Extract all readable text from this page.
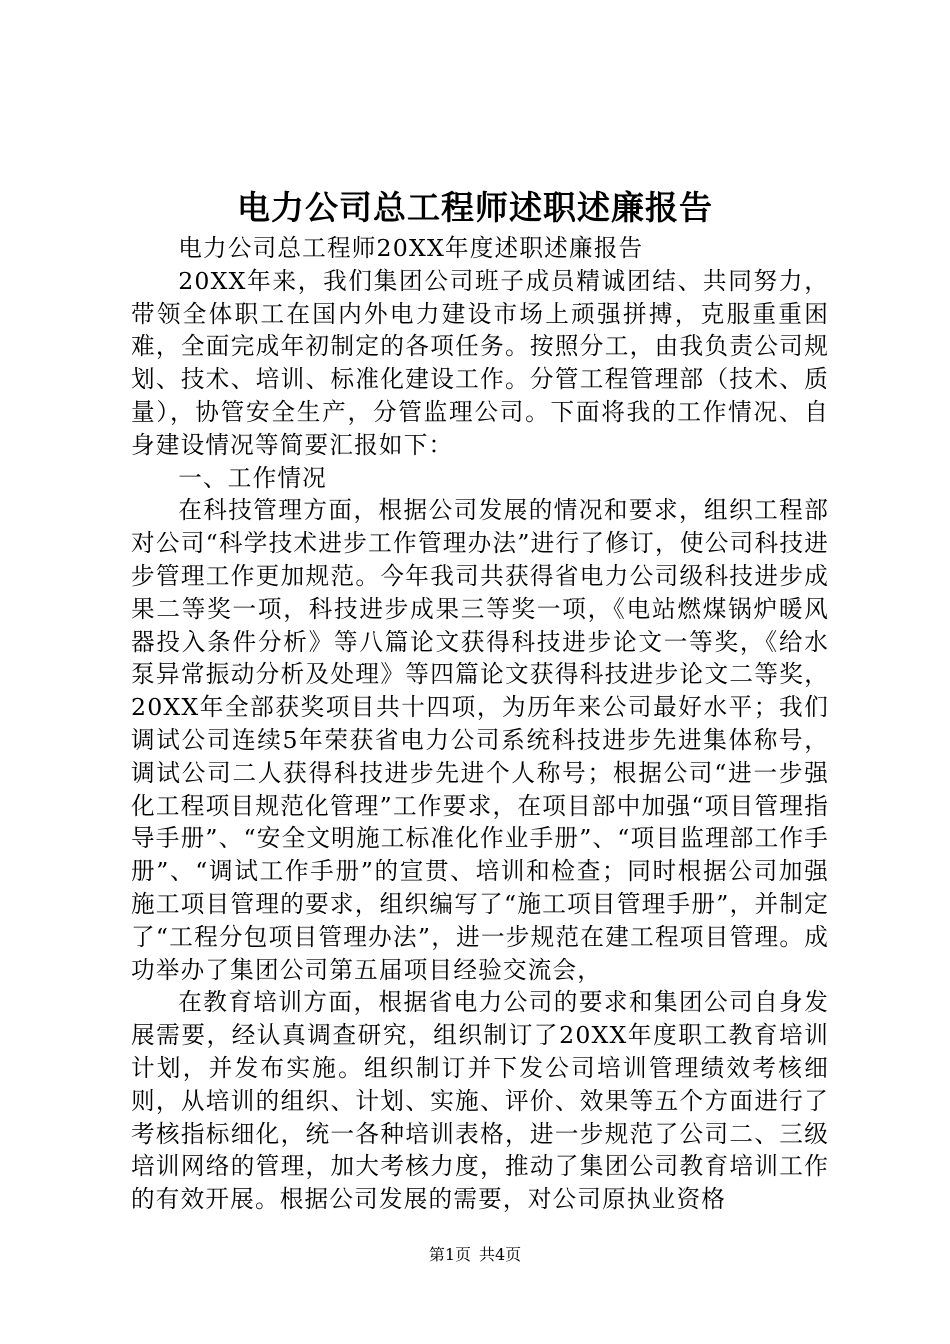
电力公司总工程师述职述廉报告

电力公司总工程师20XX年度述职述廉报告

20XX年来，我们集团公司班子成员精诚团结、共同努力，带领全体职工在国内外电力建设市场上顽强拼搏，克服重重困难，全面完成年初制定的各项任务。按照分工，由我负责公司规划、技术、培训、标准化建设工作。分管工程管理部（技术、质量），协管安全生产，分管监理公司。下面将我的工作情况、自身建设情况等简要汇报如下：

一、工作情况

在科技管理方面，根据公司发展的情况和要求，组织工程部对公司“科学技术进步工作管理办法”进行了修订，使公司科技进步管理工作更加规范。今年我司共获得省电力公司级科技进步成果二等奖一项，科技进步成果三等奖一项，《电站燃煤锅炉暖风器投入条件分析》等八篇论文获得科技进步论文一等奖，《给水泵异常振动分析及处理》等四篇论文获得科技进步论文二等奖，20XX年全部获奖项目共十四项，为历年来公司最好水平；我们调试公司连续5年荣获省电力公司系统科技进步先进集体称号，调试公司二人获得科技进步先进个人称号；根据公司“进一步强化工程项目规范化管理”工作要求，在项目部中加强“项目管理指导手册”、“安全文明施工标准化作业手册”、“项目监理部工作手册”、“调试工作手册”的宣贯、培训和检查；同时根据公司加强施工项目管理的要求，组织编写了“施工项目管理手册”，并制定了“工程分包项目管理办法”，进一步规范在建工程项目管理。成功举办了集团公司第五届项目经验交流会，

在教育培训方面，根据省电力公司的要求和集团公司自身发展需要，经认真调查研究，组织制订了20XX年度职工教育培训计划，并发布实施。组织制订并下发公司培训管理绩效考核细则，从培训的组织、计划、实施、评价、效果等五个方面进行了考核指标细化，统一各种培训表格，进一步规范了公司二、三级培训网络的管理，加大考核力度，推动了集团公司教育培训工作的有效开展。根据公司发展的需要，对公司原执业资格

第1页 共4页
